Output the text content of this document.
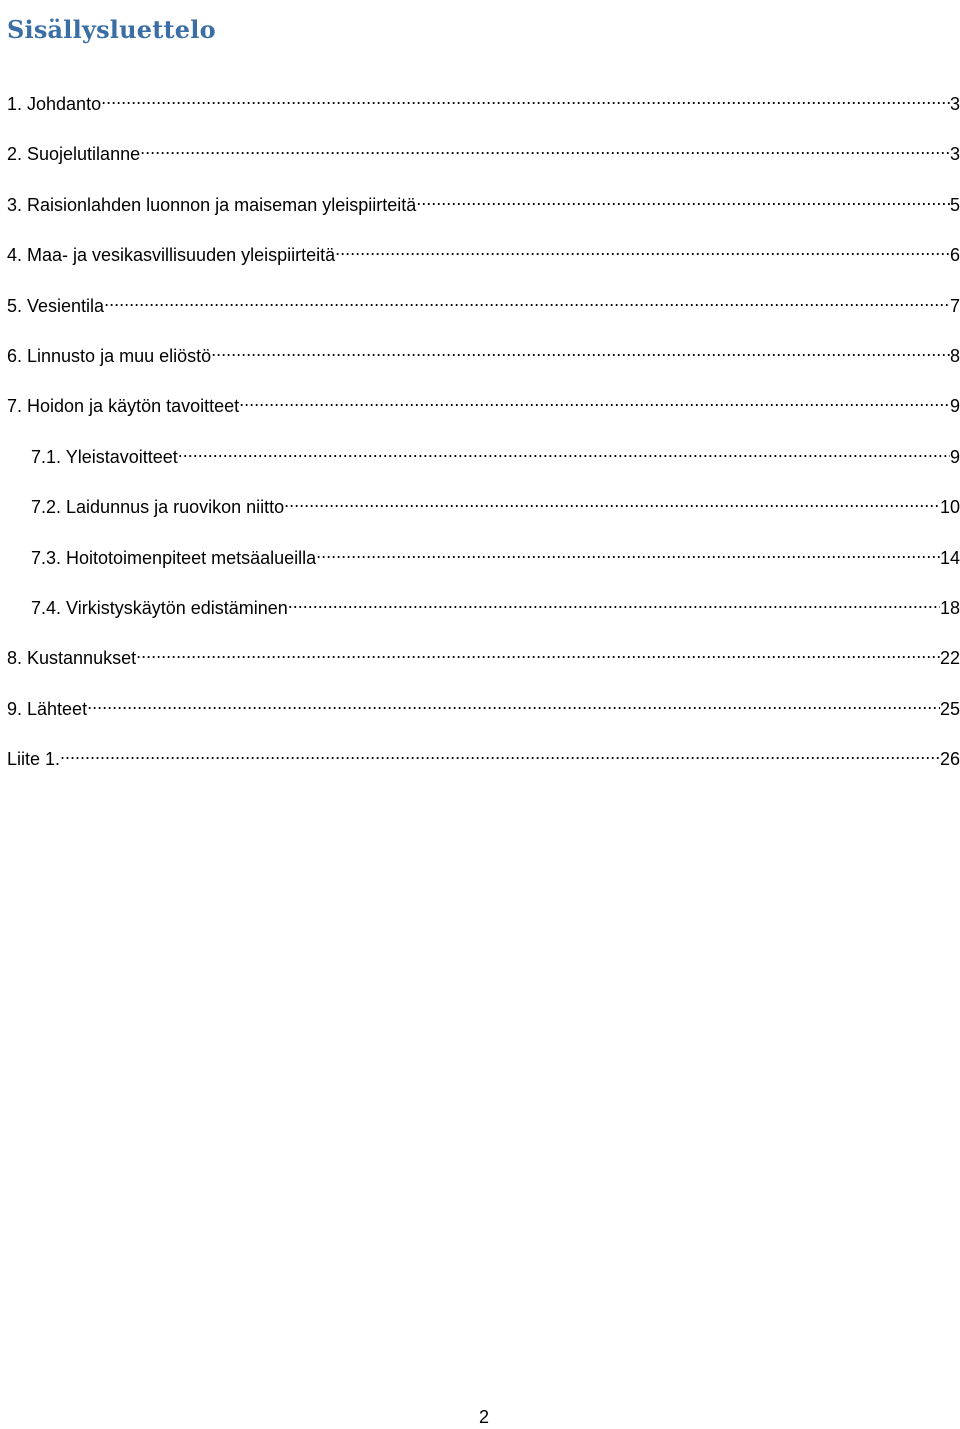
Sisällysluettelo
1. Johdanto .....	3
2. Suojelutilanne .....	3
3. Raisionlahden luonnon ja maiseman yleispiirteitä .....	5
4. Maa- ja vesikasvillisuuden yleispiirteitä .....	6
5. Vesientila .....	7
6. Linnusto ja muu eliöstö .....	8
7. Hoidon ja käytön tavoitteet .....	9
7.1. Yleistavoitteet .....	9
7.2. Laidunnus ja ruovikon niitto .....	10
7.3. Hoitotoimenpiteet metsäalueilla .....	14
7.4. Virkistyskäytön edistäminen .....	18
8. Kustannukset .....	22
9. Lähteet .....	25
Liite 1. .....	26
2
